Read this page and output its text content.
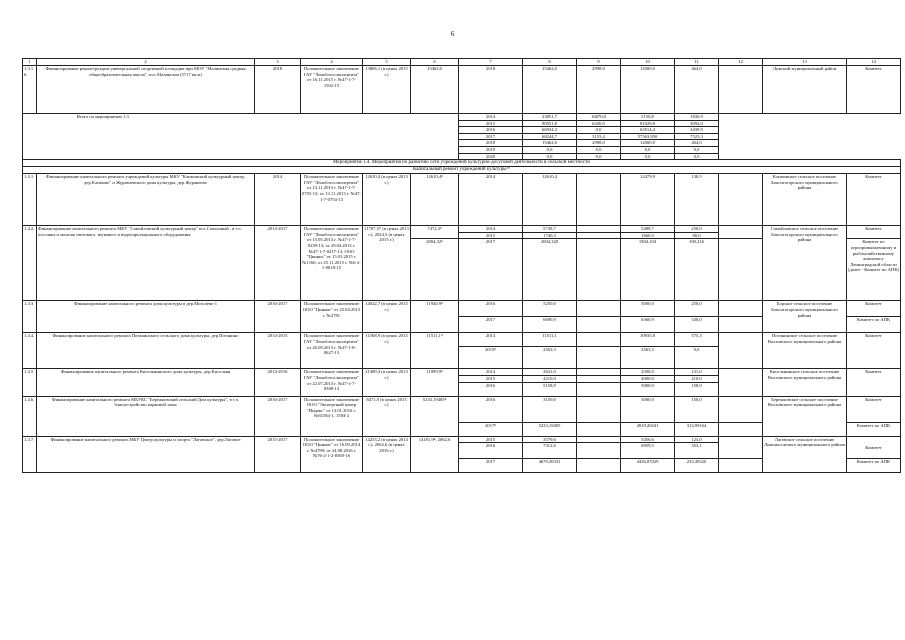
6
1	2	3	4	5	6	7	8	9	10	11	12	13	14
1.3.16.	Финансирование реконструкции универсальной спортивной площадки при МОУ "Малинская средняя общеобразовательная школа", пос.Малинская (5717 кв.м)	2018	Положительное заключение ГАУ "Леноблгосэкспертиза" от 16.11.2015 г. №47-1-7-1502-15	13806,1 (в ценах 2015 г.)	15462,0	2018	15462,0	2998,9	12000,0	464,0		Лужский муниципальный район	Комитет
	Итого по мероприятию 1.3					2014	23851,7	16870,0	5150,8	1830,9			
						2015	90551,8	6430,0	81029,8	3092,0			
						2016	66934,3	0,0	63514,4	3439,9			
						2017	68244,7	3155,4	57563,950	7525,3			
						2018	15462,0	2998,0	12000,0	464,0			
						2019	0,0	0,0	0,0	0,0			
						2020	0,0	0,0	0,0	0,0			
Мероприятие 1.4. Мероприятия по развитию сети учреждений культурно-досуговой деятельности в сельской местности													
Капитальный ремонт учреждений культуры¹⁰													
1.4.1.	Финансирование капитального ремонта учреждений культуры МКУ "Климовский культурный центр, дер.Климово" и Журавлевского дома культуры, дер.Журавлево	2014	Положительное заключение ГАУ "Леноблгосэкспертиза" от 13.11.2013 г. №47-1-7-0755-13; от 13.11.2013 г. №47-1-7-0754-13	12610,4 (в ценах 2013 г.)	12610,4⁸	2014	12610,4		12479,9	130,5		Климовское сельское поселение Бокситогорского муниципального района	Комитет
1.4.2.	Финансирование капитального ремонта МКУ "Самойловский культурный центр" пос.Совхозный , в т.ч. поставка и монтаж светового, звукового и видеопроекционного оборудования	2014-2017	Положительное заключение ГАУ "Леноблгосэкспертиза" от 15.05.2013 г. №47-1-7-0239-13; от 29.04.2013 г. №47-1-7-0217-13; ООО "Циннис" от 15.03.2015 г. №1166; от 25.11.2015 г. №6-2-1-0818-15	11707,57 (в ценах 2013 г.), 2024,5 (в ценах 2015 г.)	7472,2⁸	2014	5738,7		5488,7	250,0		Самойловское сельское поселение Бокситогорского муниципального района	Комитет
						2015	1740,3		1660,3	80,0			
					2004,32⁸	2017	2004,320		1904,104	100,216			Комитет по агропромышленному и рыбохозяйственному комплексу Ленинградской области (далее - Комитет по АПК)
1.4.3	Финансирование капитального ремонта дома культуры в дер.Мозолево-1	2016-2017	Положительное заключение ООО "Циннис" от 25.04.2015 г. №2781	14022,7 (в ценах 2015 г.)	11940,9⁸	2016	5250,0		5000,0	250,0		Борское сельское поселение Бокситогорского муниципального района	Комитет
						2017	6690,9		6360,9	330,0			Комитет по АПК
1.4.4.	Финансирование капитального ремонта Потанинского сельского дома культуры, дер.Потанино	2014-2015	Положительное заключение ГАУ "Леноблгосэкспертиза" от 26.09.2013 г. №47-1-8-0627-13	11568,9 (в ценах 2013 г.)	11511,1⁸	2014	11511,1		10935,8	575,3		Потанинское сельское поселение Волховского муниципального района	Комитет
						2015⁸	2563,3		2563,3	0,0			
1.4.5	Финансирование капитального ремонта Кисельнинского дома культуры, дер.Кисельня	2014-2016	Положительное заключение ГАУ "Леноблгосэкспертиза" от 22.07.2013 г. №47-1-7-0388-13	21489,4 (в ценах 2013 г.)	11999,9⁸	2014	2631,0		2500,0	131,0		Кисельнинское сельское поселение Волховского муниципального района	Комитет
						2015	4210,0		4000,0	210,0			
						2016	5158,9		5000,0	158,9			
1.4.6.	Финансирование капитального ремонта МБУКС "Бережковский сельский Дом культуры", в т.ч. благоустройство парковой зоны	2016-2017	Положительное заключение ООО "Экспертный центр "Индекс" от 13.01.2016 г. №61584-1, 1584-2	8471,0 (в ценах 2015 г.)	5233,19405⁸	2016	3150,0		3000,0	150,0		Бережковское сельское поселение Волховского муниципального района	Комитет
						2017⁸	5233,19405		4919,20241	313,99164			Комитет по АПК
1.4.7.	Финансирование капитального ремонта МБУ Центр культуры и спорта "Лаговское", дер.Лаговое	2015-2017	Положительное заключение ООО "Циннис" от 16.09.2014 г. №4789; от 24.08.2016 г. №76-2-1-2-0560-16	14253,2 (в ценах 2014 г.), 2062,6 (в ценах 2016 г.)	14181,9⁸; 2062,6	2015	3579,6		3456,6	123,0		Лаговское сельское поселение Ломоносовского муниципального района	Комитет
						2016	7312,6		6959,5	353,1			
						2017	4670,36331		4436,87029	233,49320			Комитет по АПК
